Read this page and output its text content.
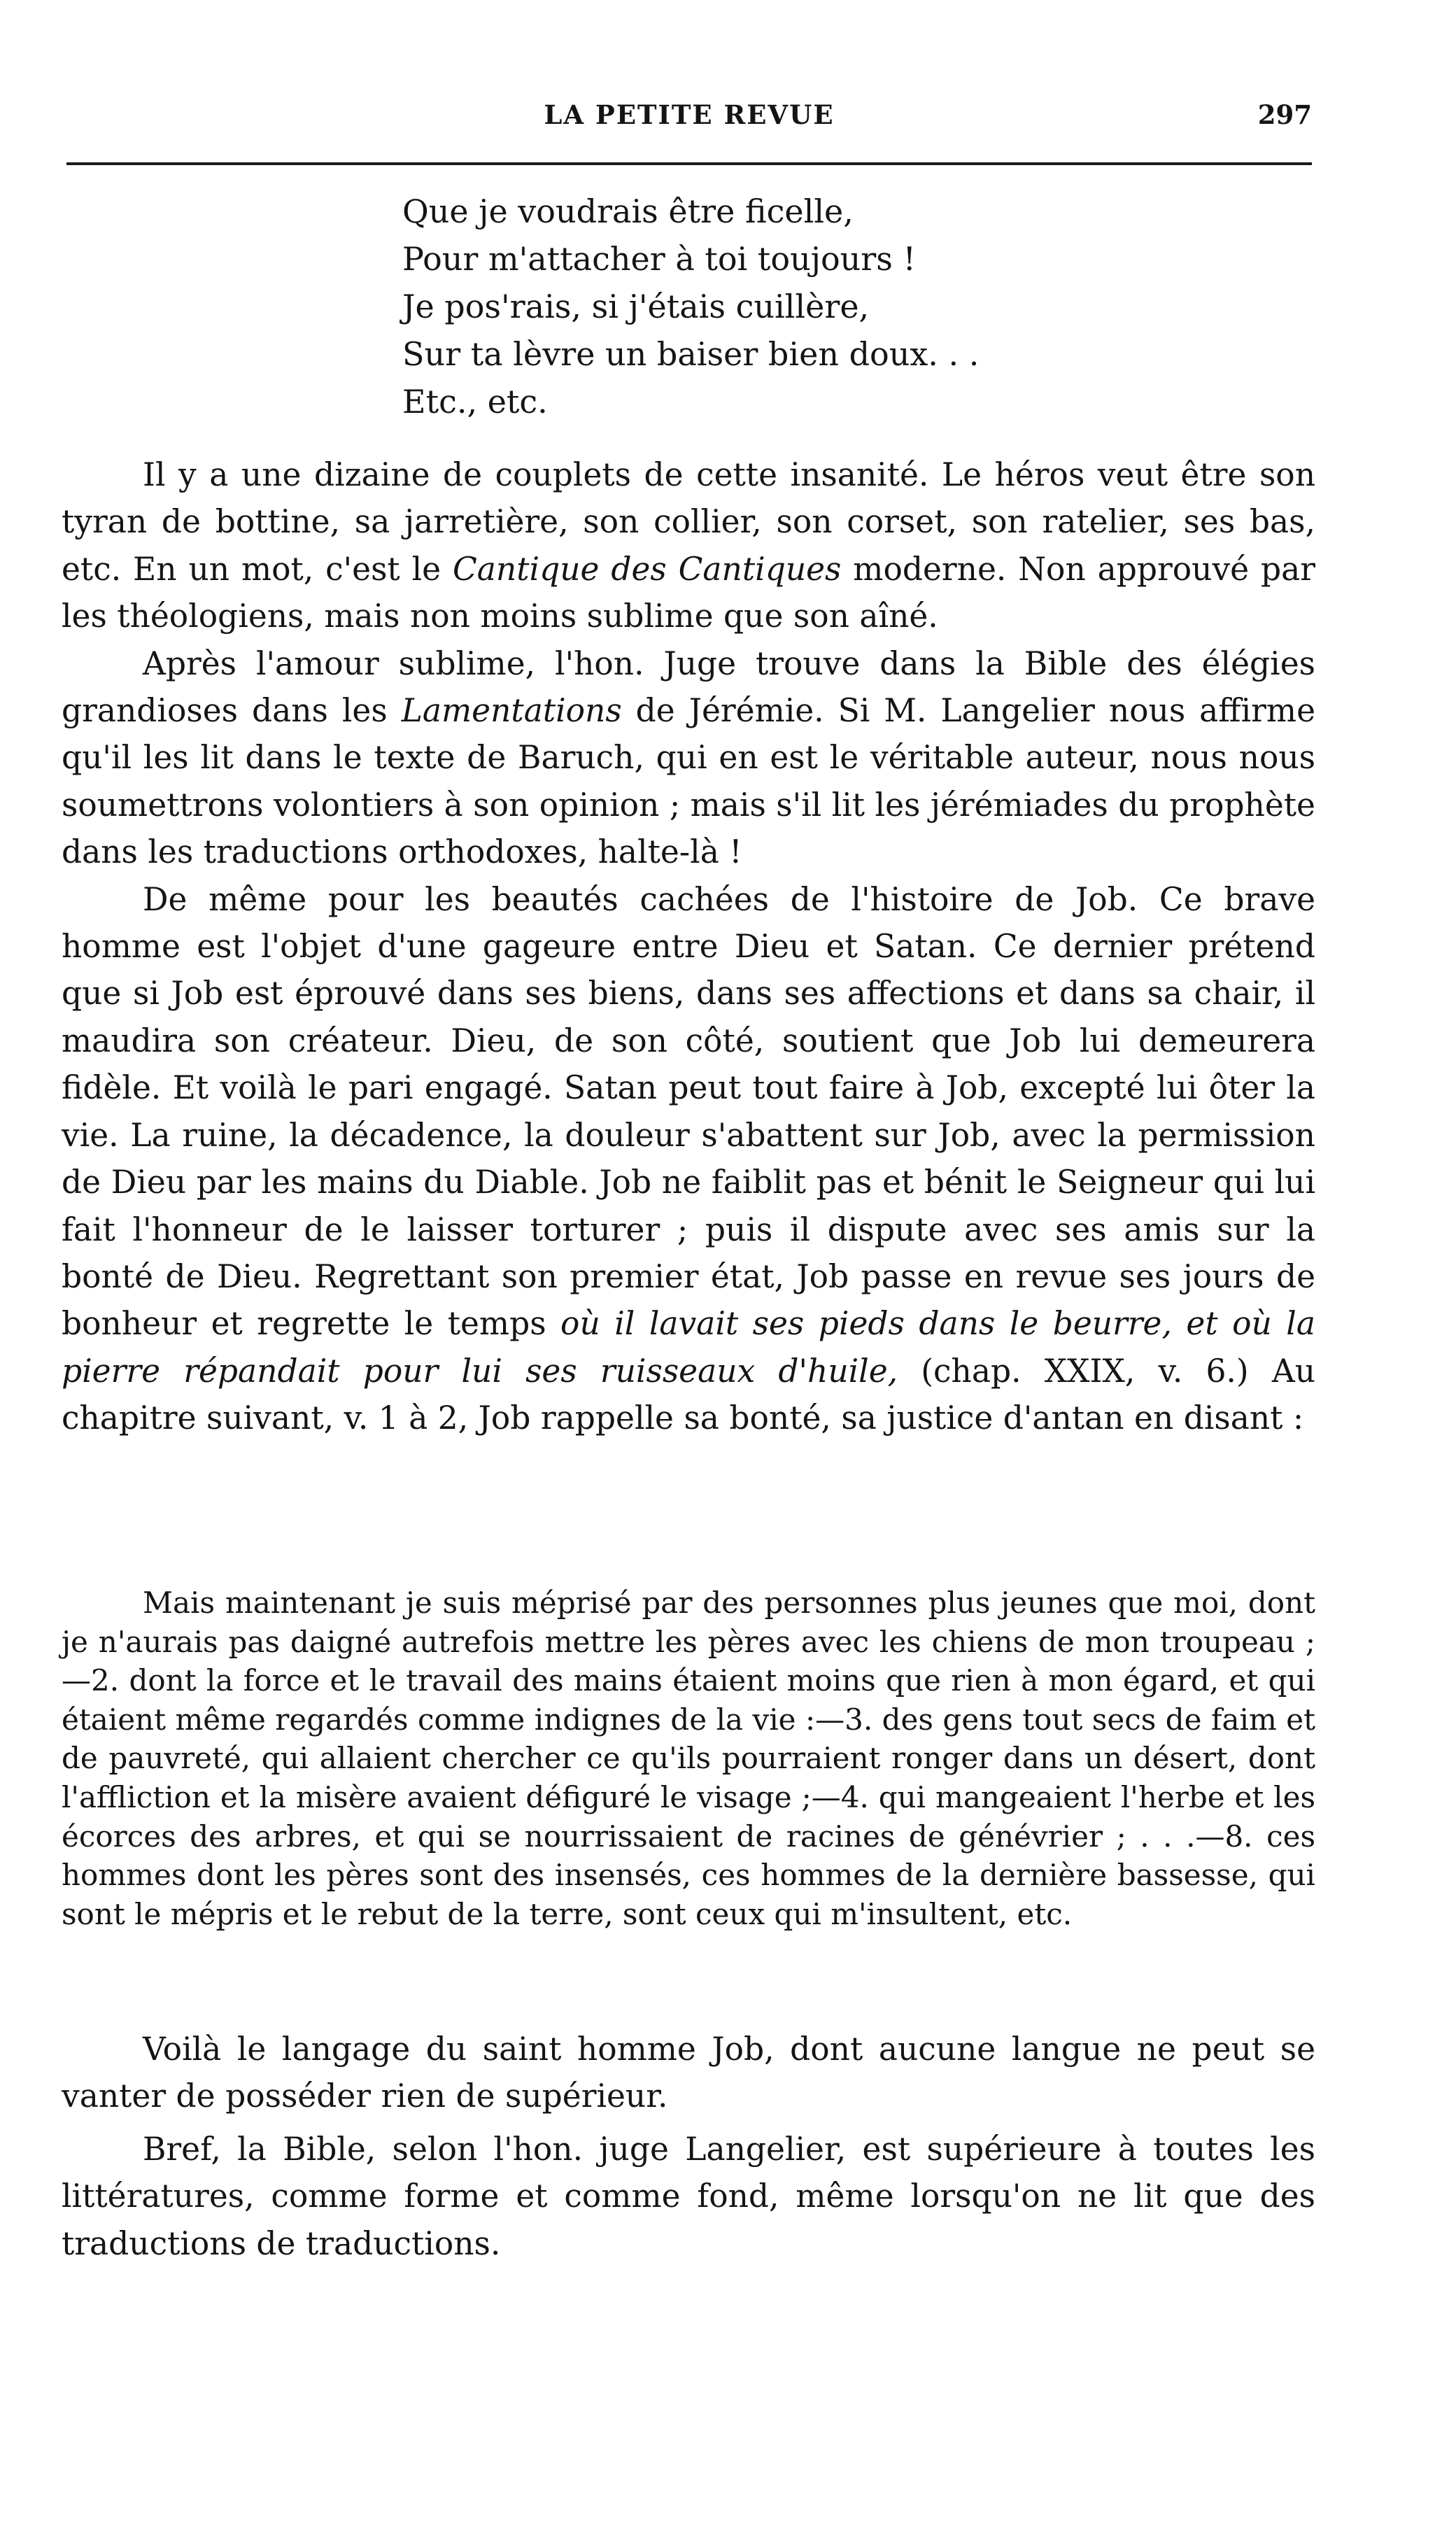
LA PETITE REVUE	297
Que je voudrais être ficelle,
Pour m'attacher à toi toujours !
Je pos'rais, si j'étais cuillère,
Sur ta lèvre un baiser bien doux. . .
Etc., etc.

Il y a une dizaine de couplets de cette insanité. Le héros veut être son tyran de bottine, sa jarretière, son collier, son corset, son ratelier, ses bas, etc. En un mot, c'est le Cantique des Cantiques moderne. Non approuvé par les théologiens, mais non moins sublime que son aîné.

Après l'amour sublime, l'hon. Juge trouve dans la Bible des élégies grandioses dans les Lamentations de Jérémie. Si M. Langelier nous affirme qu'il les lit dans le texte de Baruch, qui en est le véritable auteur, nous nous soumettrons volontiers à son opinion ; mais s'il lit les jérémiades du prophète dans les traductions orthodoxes, halte-là !

De même pour les beautés cachées de l'histoire de Job. Ce brave homme est l'objet d'une gageure entre Dieu et Satan. Ce dernier prétend que si Job est éprouvé dans ses biens, dans ses affections et dans sa chair, il maudira son créateur. Dieu, de son côté, soutient que Job lui demeurera fidèle. Et voilà le pari engagé. Satan peut tout faire à Job, excepté lui ôter la vie. La ruine, la décadence, la douleur s'abattent sur Job, avec la permission de Dieu par les mains du Diable. Job ne faiblit pas et bénit le Seigneur qui lui fait l'honneur de le laisser torturer ; puis il dispute avec ses amis sur la bonté de Dieu. Regrettant son premier état, Job passe en revue ses jours de bonheur et regrette le temps où il lavait ses pieds dans le beurre, et où la pierre répandait pour lui ses ruisseaux d'huile, (chap. XXIX, v. 6.) Au chapitre suivant, v. 1 à 2, Job rappelle sa bonté, sa justice d'antan en disant :

Mais maintenant je suis méprisé par des personnes plus jeunes que moi, dont je n'aurais pas daigné autrefois mettre les pères avec les chiens de mon troupeau ;—2. dont la force et le travail des mains étaient moins que rien à mon égard, et qui étaient même regardés comme indignes de la vie :—3. des gens tout secs de faim et de pauvreté, qui allaient chercher ce qu'ils pourraient ronger dans un désert, dont l'affliction et la misère avaient défiguré le visage ;—4. qui mangeaient l'herbe et les écorces des arbres, et qui se nourrissaient de racines de génévrier ; . . .—8. ces hommes dont les pères sont des insensés, ces hommes de la dernière bassesse, qui sont le mépris et le rebut de la terre, sont ceux qui m'insultent, etc.

Voilà le langage du saint homme Job, dont aucune langue ne peut se vanter de posséder rien de supérieur.

Bref, la Bible, selon l'hon. juge Langelier, est supérieure à toutes les littératures, comme forme et comme fond, même lorsqu'on ne lit que des traductions de traductions.
